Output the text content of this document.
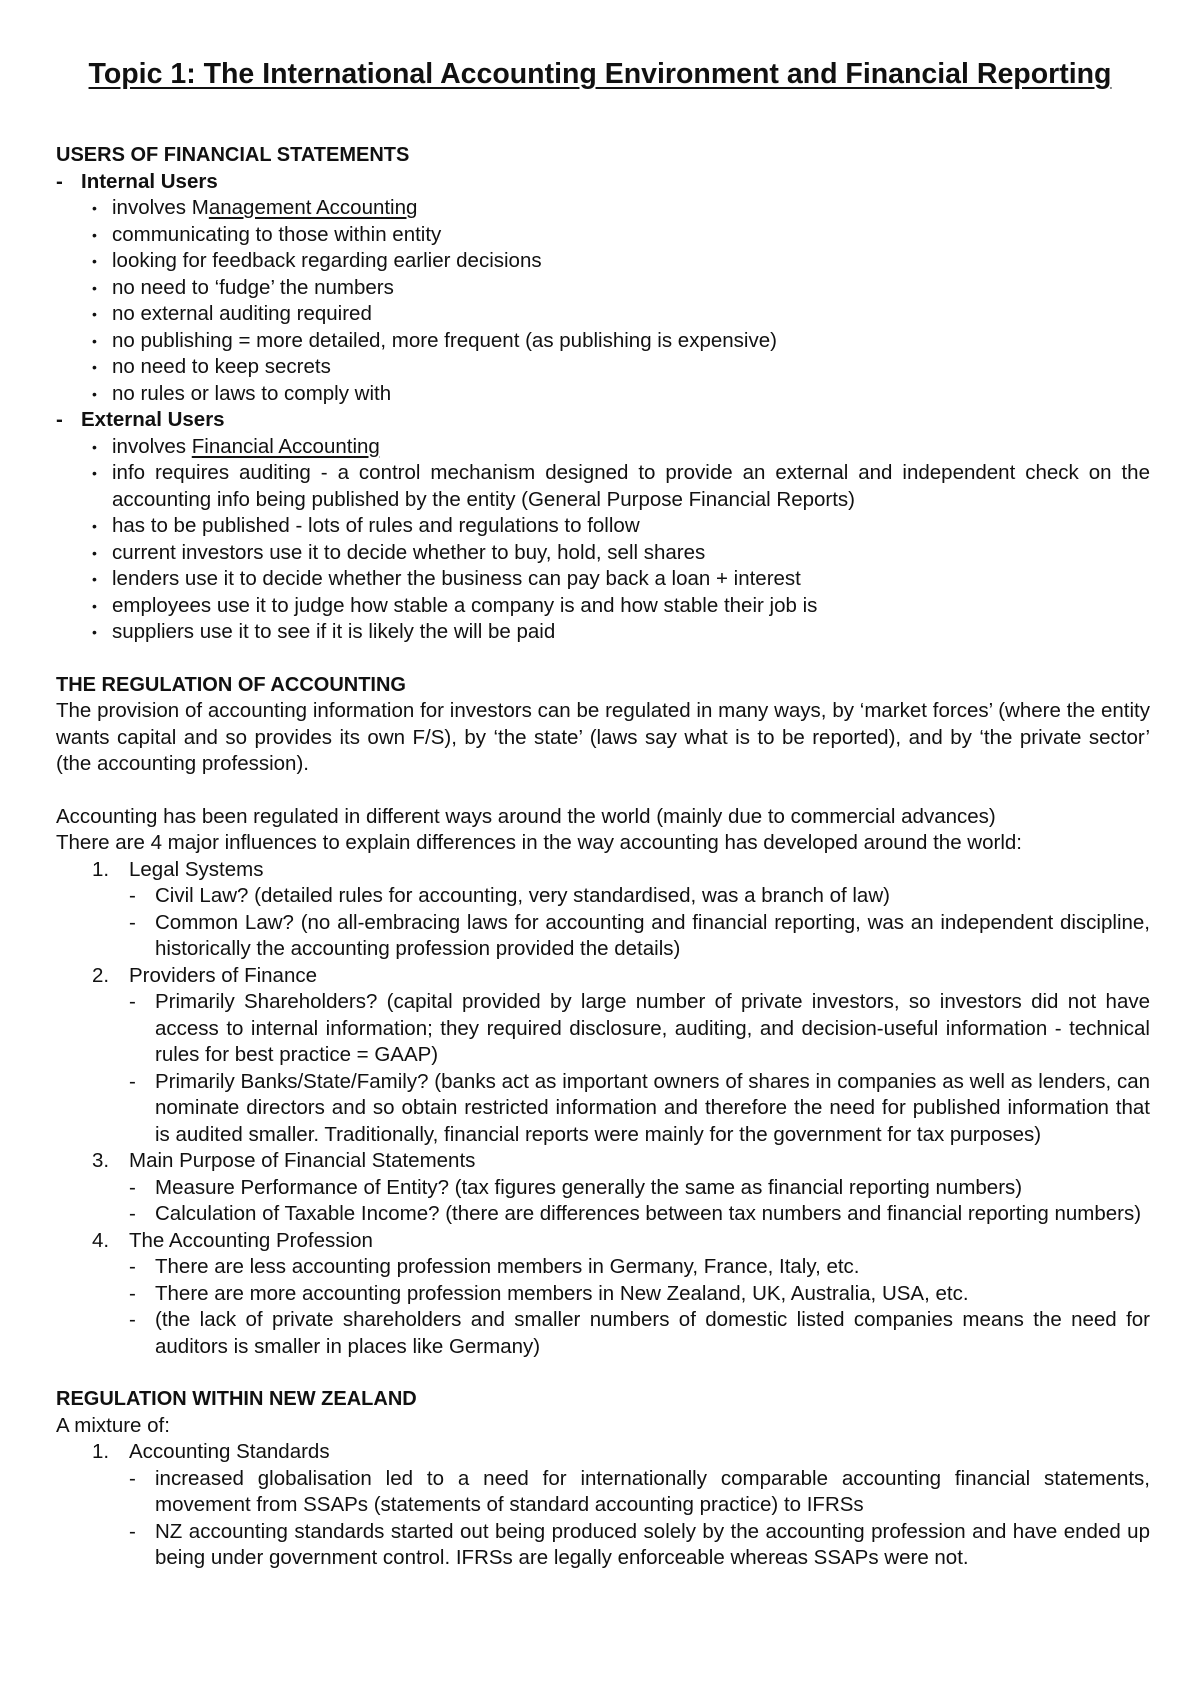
Topic 1: The International Accounting Environment and Financial Reporting
USERS OF FINANCIAL STATEMENTS
- Internal Users
• involves Management Accounting
• communicating to those within entity
• looking for feedback regarding earlier decisions
• no need to ‘fudge’ the numbers
• no external auditing required
• no publishing = more detailed, more frequent (as publishing is expensive)
• no need to keep secrets
• no rules or laws to comply with
- External Users
• involves Financial Accounting
• info requires auditing - a control mechanism designed to provide an external and independent check on the accounting info being published by the entity (General Purpose Financial Reports)
• has to be published - lots of rules and regulations to follow
• current investors use it to decide whether to buy, hold, sell shares
• lenders use it to decide whether the business can pay back a loan + interest
• employees use it to judge how stable a company is and how stable their job is
• suppliers use it to see if it is likely the will be paid
THE REGULATION OF ACCOUNTING
The provision of accounting information for investors can be regulated in many ways, by ‘market forces’ (where the entity wants capital and so provides its own F/S), by ‘the state’ (laws say what is to be reported), and by ‘the private sector’ (the accounting profession).
Accounting has been regulated in different ways around the world (mainly due to commercial advances)
There are 4 major influences to explain differences in the way accounting has developed around the world:
1. Legal Systems
- Civil Law? (detailed rules for accounting, very standardised, was a branch of law)
- Common Law? (no all-embracing laws for accounting and financial reporting, was an independent discipline, historically the accounting profession provided the details)
2. Providers of Finance
- Primarily Shareholders? (capital provided by large number of private investors, so investors did not have access to internal information; they required disclosure, auditing, and decision-useful information - technical rules for best practice = GAAP)
- Primarily Banks/State/Family? (banks act as important owners of shares in companies as well as lenders, can nominate directors and so obtain restricted information and therefore the need for published information that is audited smaller. Traditionally, financial reports were mainly for the government for tax purposes)
3. Main Purpose of Financial Statements
- Measure Performance of Entity? (tax figures generally the same as financial reporting numbers)
- Calculation of Taxable Income? (there are differences between tax numbers and financial reporting numbers)
4. The Accounting Profession
- There are less accounting profession members in Germany, France, Italy, etc.
- There are more accounting profession members in New Zealand, UK, Australia, USA, etc.
- (the lack of private shareholders and smaller numbers of domestic listed companies means the need for auditors is smaller in places like Germany)
REGULATION WITHIN NEW ZEALAND
A mixture of:
1. Accounting Standards
- increased globalisation led to a need for internationally comparable accounting financial statements, movement from SSAPs (statements of standard accounting practice) to IFRSs
- NZ accounting standards started out being produced solely by the accounting profession and have ended up being under government control. IFRSs are legally enforceable whereas SSAPs were not.
